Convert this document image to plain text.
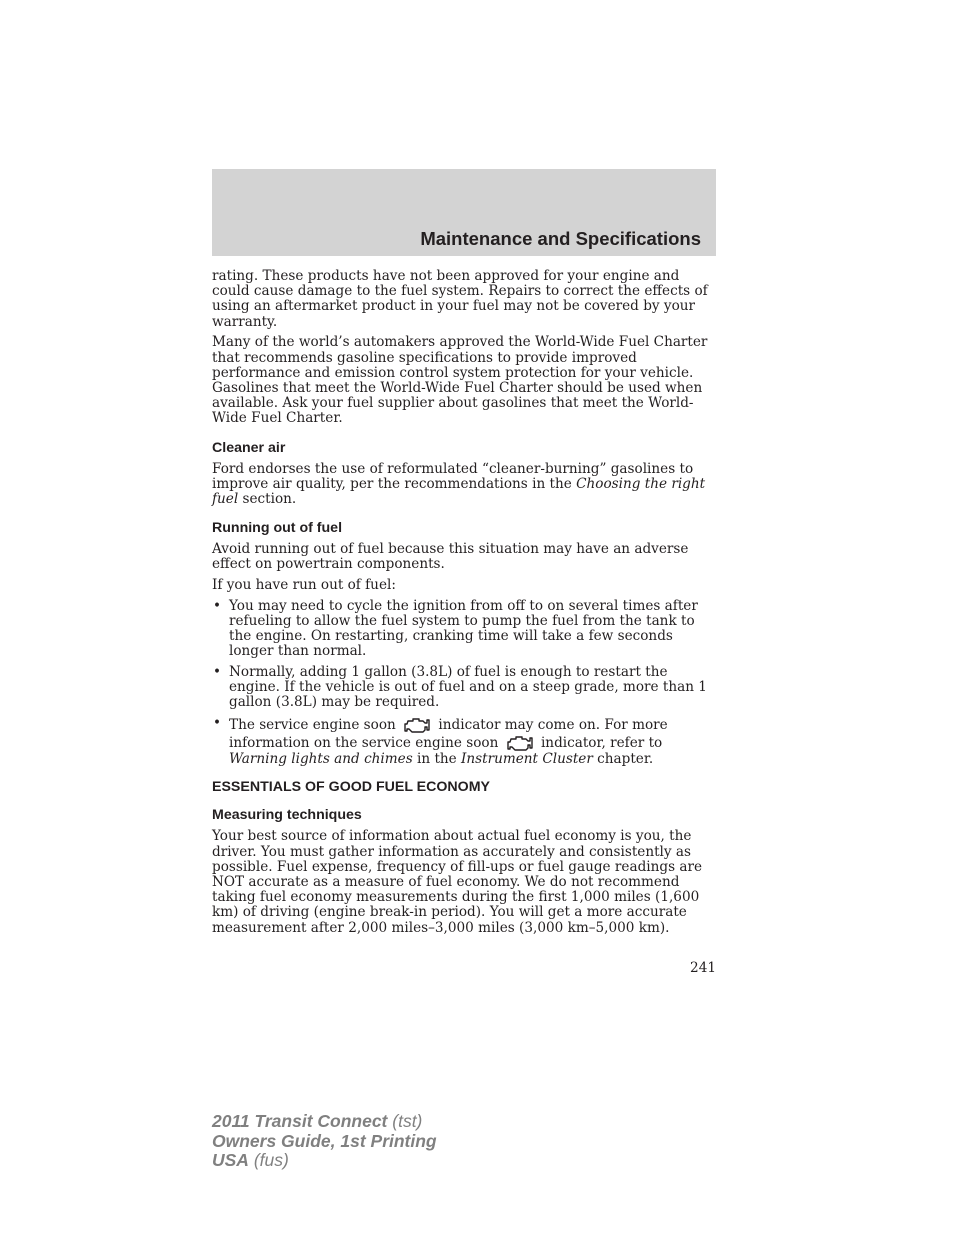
Maintenance and Specifications

rating. These products have not been approved for your engine and could cause damage to the fuel system. Repairs to correct the effects of using an aftermarket product in your fuel may not be covered by your warranty.

Many of the world’s automakers approved the World-Wide Fuel Charter that recommends gasoline specifications to provide improved performance and emission control system protection for your vehicle. Gasolines that meet the World-Wide Fuel Charter should be used when available. Ask your fuel supplier about gasolines that meet the World-Wide Fuel Charter.

Cleaner air

Ford endorses the use of reformulated “cleaner-burning” gasolines to improve air quality, per the recommendations in the Choosing the right fuel section.

Running out of fuel

Avoid running out of fuel because this situation may have an adverse effect on powertrain components.

If you have run out of fuel:

• You may need to cycle the ignition from off to on several times after refueling to allow the fuel system to pump the fuel from the tank to the engine. On restarting, cranking time will take a few seconds longer than normal.
• Normally, adding 1 gallon (3.8L) of fuel is enough to restart the engine. If the vehicle is out of fuel and on a steep grade, more than 1 gallon (3.8L) may be required.
• The service engine soon	indicator may come on. For more information on the service engine soon	indicator, refer to Warning lights and chimes in the Instrument Cluster chapter.
ESSENTIALS OF GOOD FUEL ECONOMY
Measuring techniques

Your best source of information about actual fuel economy is you, the driver. You must gather information as accurately and consistently as possible. Fuel expense, frequency of fill-ups or fuel gauge readings are NOT accurate as a measure of fuel economy. We do not recommend taking fuel economy measurements during the first 1,000 miles (1,600 km) of driving (engine break-in period). You will get a more accurate measurement after 2,000 miles–3,000 miles (3,000 km–5,000 km).

241
2011 Transit Connect (tst)
Owners Guide, 1st Printing
USA (fus)
